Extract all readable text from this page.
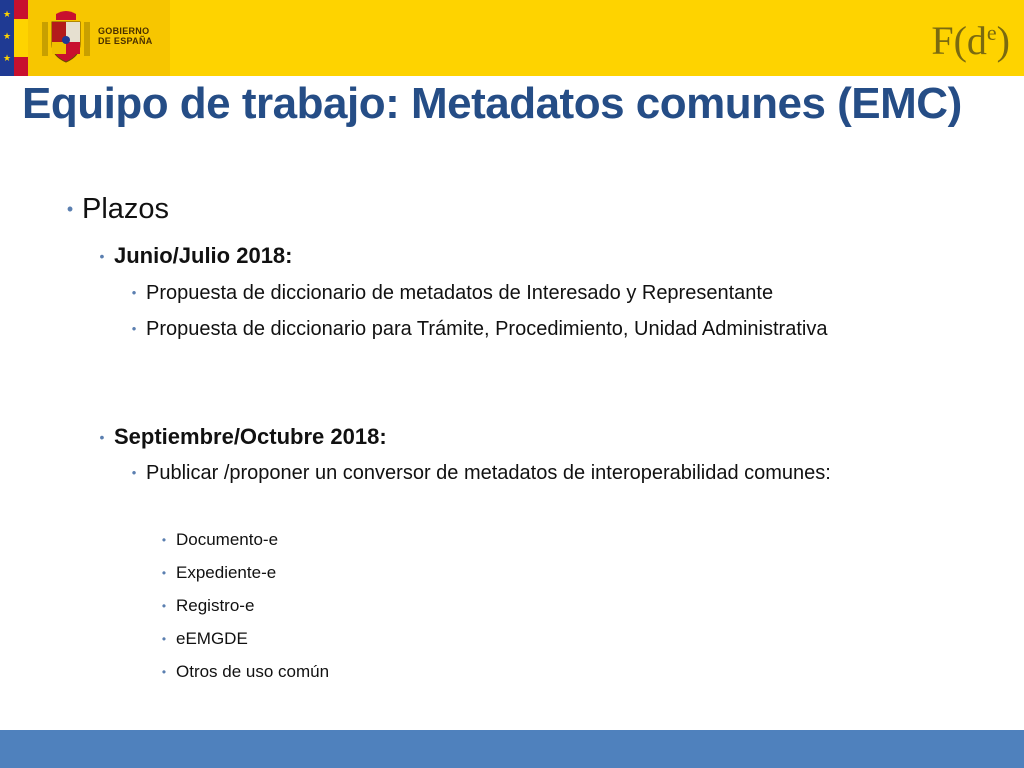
★
★
★
GOBIERNO
DE ESPAÑA	$F(d^e)$
Equipo de trabajo: Metadatos comunes (EMC)
• Plazos
• Junio/Julio 2018:
• Propuesta de diccionario de metadatos de Interesado y Representante
• Propuesta de diccionario para Trámite, Procedimiento, Unidad Administrativa
• Septiembre/Octubre 2018:
• Publicar /proponer un conversor de metadatos de interoperabilidad comunes:
• Documento-e
• Expediente-e
• Registro-e
• eEMGDE
• Otros de uso común
